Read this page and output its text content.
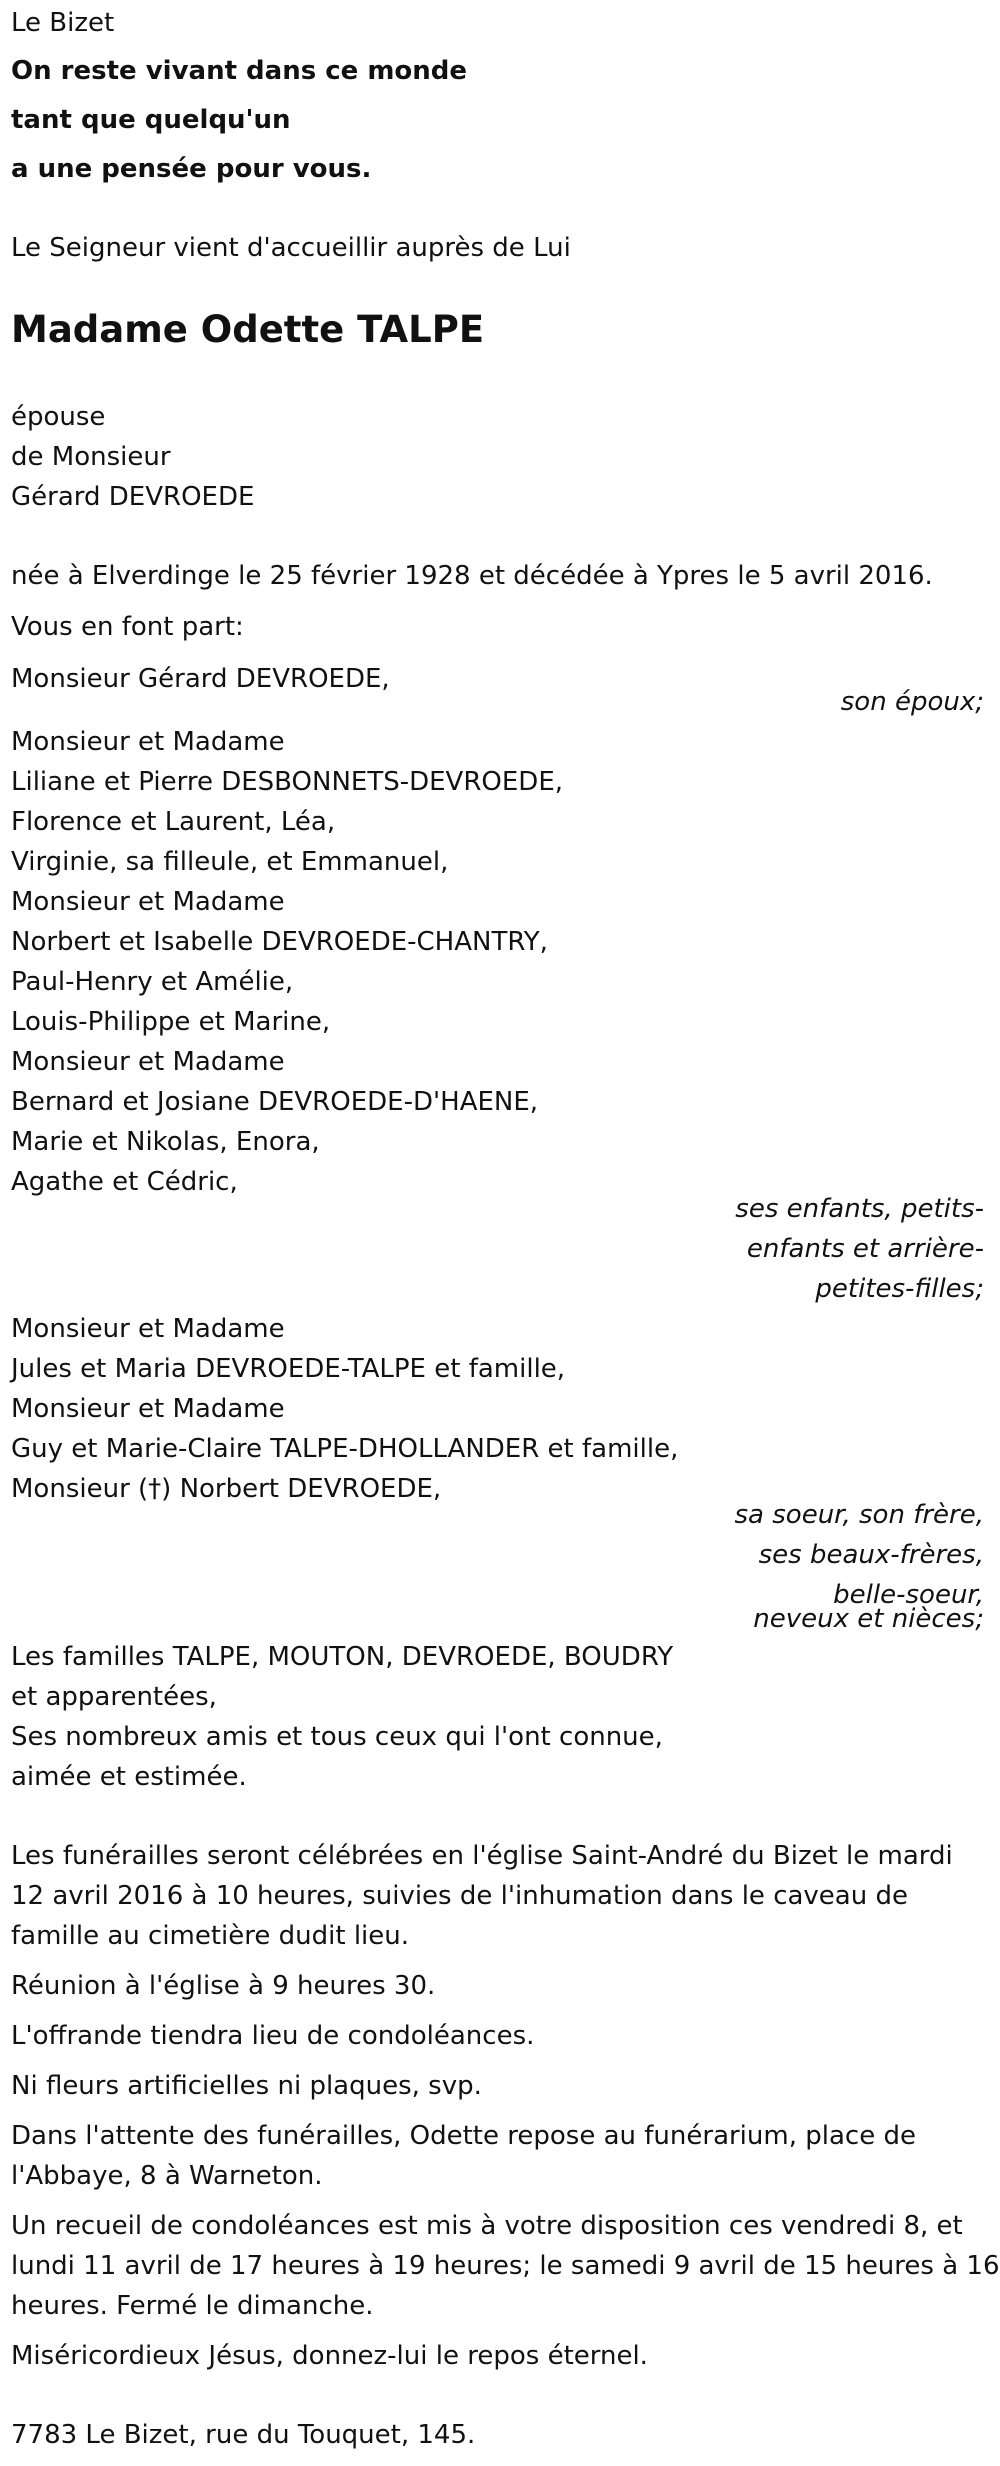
Le Bizet
On reste vivant dans ce monde
tant que quelqu'un
a une pensée pour vous.
Le Seigneur vient d'accueillir auprès de Lui
Madame Odette TALPE
épouse
de Monsieur
Gérard DEVROEDE
née à Elverdinge le 25 février 1928 et décédée à Ypres le 5 avril 2016.
Vous en font part:
Monsieur Gérard DEVROEDE,
son époux;
Monsieur et Madame
Liliane et Pierre DESBONNETS-DEVROEDE,
Florence et Laurent, Léa,
Virginie, sa filleule, et Emmanuel,
Monsieur et Madame
Norbert et Isabelle DEVROEDE-CHANTRY,
Paul-Henry et Amélie,
Louis-Philippe et Marine,
Monsieur et Madame
Bernard et Josiane DEVROEDE-D'HAENE,
Marie et Nikolas, Enora,
Agathe et Cédric,
ses enfants, petits-
enfants et arrière-
petites-filles;
Monsieur et Madame
Jules et Maria DEVROEDE-TALPE et famille,
Monsieur et Madame
Guy et Marie-Claire TALPE-DHOLLANDER et famille,
Monsieur (†) Norbert DEVROEDE,
sa soeur, son frère,
ses beaux-frères,
belle-soeur,
neveux et nièces;
Les familles TALPE, MOUTON, DEVROEDE, BOUDRY
et apparentées,
Ses nombreux amis et tous ceux qui l'ont connue,
aimée et estimée.
Les funérailles seront célébrées en l'église Saint-André du Bizet le mardi
12 avril 2016 à 10 heures, suivies de l'inhumation dans le caveau de
famille au cimetière dudit lieu.
Réunion à l'église à 9 heures 30.
L'offrande tiendra lieu de condoléances.
Ni fleurs artificielles ni plaques, svp.
Dans l'attente des funérailles, Odette repose au funérarium, place de
l'Abbaye, 8 à Warneton.
Un recueil de condoléances est mis à votre disposition ces vendredi 8, et
lundi 11 avril de 17 heures à 19 heures; le samedi 9 avril de 15 heures à 16
heures. Fermé le dimanche.
Miséricordieux Jésus, donnez-lui le repos éternel.
7783 Le Bizet, rue du Touquet, 145.
